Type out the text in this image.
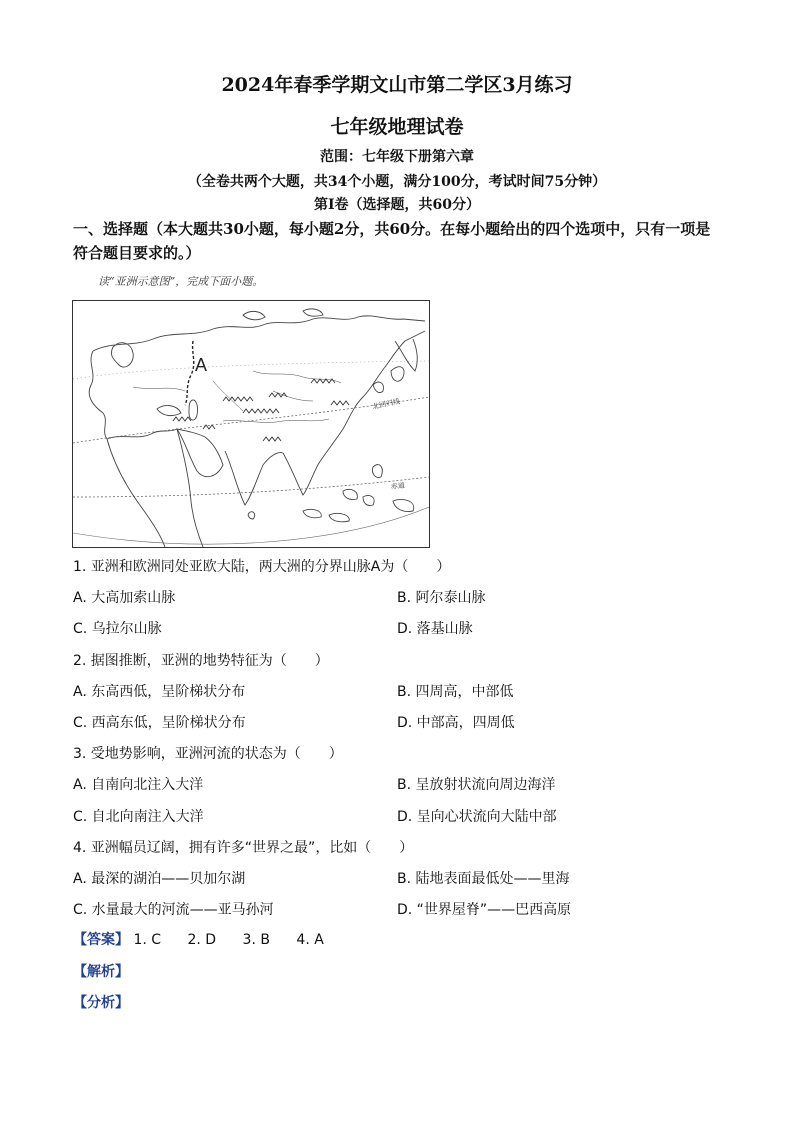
2024年春季学期文山市第二学区3月练习
七年级地理试卷
范围：七年级下册第六章
（全卷共两个大题，共34个小题，满分100分，考试时间75分钟）
第Ⅰ卷（选择题，共60分）
一、选择题（本大题共30小题，每小题2分，共60分。在每小题给出的四个选项中，只有一项是符合题目要求的。）
读“亚洲示意图”，完成下面小题。
A
北回归线
赤道
1. 亚洲和欧洲同处亚欧大陆，两大洲的分界山脉A为（　　）
A. 大高加索山脉	B. 阿尔泰山脉
C. 乌拉尔山脉	D. 落基山脉
2. 据图推断，亚洲的地势特征为（　　）
A. 东高西低，呈阶梯状分布	B. 四周高，中部低
C. 西高东低，呈阶梯状分布	D. 中部高，四周低
3. 受地势影响，亚洲河流的状态为（　　）
A. 自南向北注入大洋	B. 呈放射状流向周边海洋
C. 自北向南注入大洋	D. 呈向心状流向大陆中部
4. 亚洲幅员辽阔，拥有许多“世界之最”，比如（　　）
A. 最深的湖泊——贝加尔湖	B. 陆地表面最低处——里海
C. 水量最大的河流——亚马孙河	D. “世界屋脊”——巴西高原
【答案】 1. C 2. D 3. B 4. A
【解析】
【分析】
